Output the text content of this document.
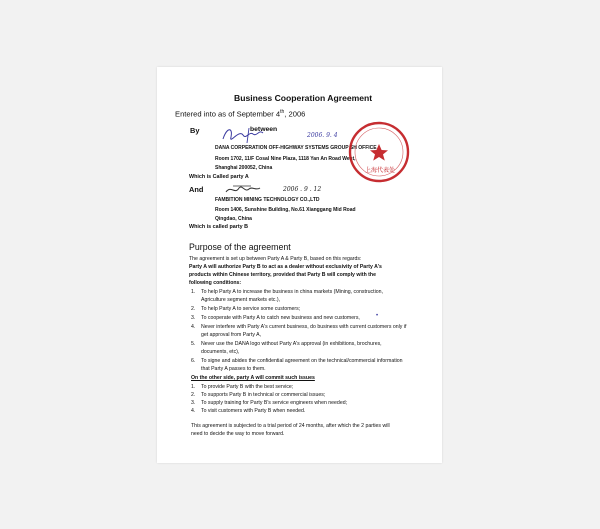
Business Cooperation Agreement
Entered into as of September 4th, 2006
By	between
2006. 9. 4
DANA CORPERATION OFF-HIGHWAY SYSTEMS GROUP SH OFFICE
Room 1702, 11/F Cosal Nine Plaza, 1118 Yan An Road West,
Shanghai 200052, China
Which is Called party A
上海代表处
And	2006 . 9 . 12
FAMBITION MINING TECHNOLOGY CO.,LTD
Room 1406, Sunshine Building, No.61 Xianggang Mid Road
Qingdao, China
Which is called party B
Purpose of the agreement
The agreement is set up between Party A & Party B, based on this regards:
Party A will authorize Party B to act as a dealer without exclusivity of Party A's
products within Chinese territory, provided that Party B will comply with the
following conditions:
1. To help Party A to increase the business in china markets (Mining, construction,
Agriculture segment markets etc.),
2. To help Party A to service some customers;
3. To cooperate with Party A to catch new business and new customers,	•
4. Never interfere with Party A's current business, do business with current customers only if
get approval from Party A,
5. Never use the DANA logo without Party A's approval (in exhibitions, brochures,
documents, etc),
6. To signe and abides the confidential agreement on the technical/commercial information
that Party A passes to them.
On the other side, party A will commit such issues
1. To provide Party B with the best service;
2. To supports Party B in technical or commercial issues;
3. To supply training for Party B's service engineers when needed;
4. To visit customers with Party B when needed.
This agreement is subjected to a trial period of 24 months, after which the 2 parties will
need to decide the way to move forward.
